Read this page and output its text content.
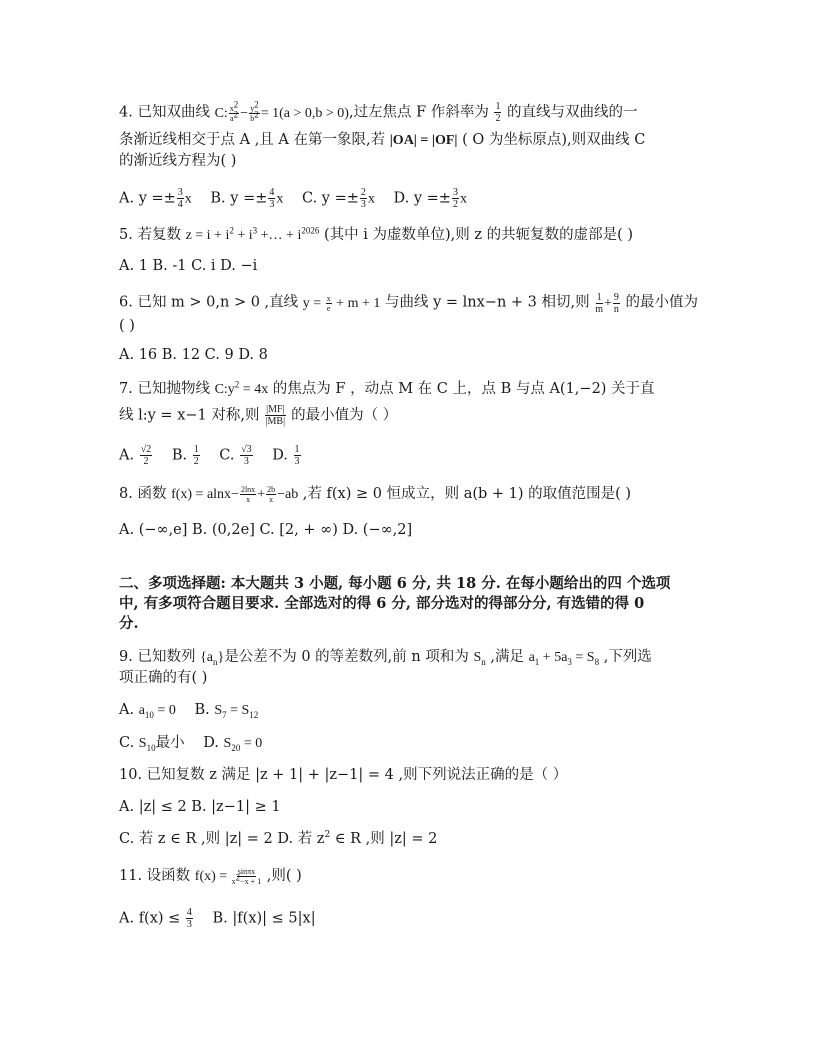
4. 已知双曲线 C: $\frac{x^2}{a^2} - \frac{y^2}{b^2} = 1(a > 0,b > 0)$,过左焦点 F 作斜率为 $\frac{1}{2}$ 的直线与双曲线的一
条渐近线相交于点 A ,且 A 在第一象限,若 |OA| = |OF| ( O 为坐标原点),则双曲线 C
的渐近线方程为( )
A. $y =\pm \frac{3}{4}$ x B. $y =\pm \frac{4}{3}$ x C. $y =\pm \frac{2}{3}$ x D. $y =\pm \frac{3}{2}$ x
5. 若复数 $z = i + i^2 + i^3$ +… + $i^{2026}$ (其中 i 为虚数单位),则 z 的共轭复数的虚部是( )
A. 1 B. -1 C. i D. −i
6. 已知 m > 0,n > 0 ,直线 $y = \frac{x}{e} + m + 1$ 与曲线 y = lnx−n + 3 相切,则 $\frac{1}{m} + \frac{9}{n}$ 的最小值为
( )
A. 16 B. 12 C. 9 D. 8
7. 已知抛物线 $C:y^2 = 4x$ 的焦点为 F ，动点 M 在 C 上，点 B 与点 A(1,−2) 关于直
线 l:y = x−1 对称,则 $\frac{|MF|}{|MB|}$ 的最小值为（ ）
A. $\frac{√2}{2} B$. $\frac{1}{2} C$. $\frac{√3}{3} D$. $\frac{1}{3}$
8. 函数 $f(x) = alnx- \frac{2\ln x}{x} + \frac{2b}{x} -ab$ ,若 f(x) ≥ 0 恒成立，则 a(b + 1) 的取值范围是( )
A. (−∞,e] B. (0,2e] C. [2, + ∞) D. (−∞,2]
二、多项选择题: 本大题共 3 小题, 每小题 6 分, 共 18 分. 在每小题给出的四 个选项
中, 有多项符合题目要求. 全部选对的得 6 分, 部分选对的得部分分, 有选错的得 0
分.
9. 已知数列 $\{a_n\}$是公差不为 0 的等差数列,前 n 项和为 $S_n$ ,满足 $a_1 + 5a_3 = S_8$ ,下列选
项正确的有( )
A. $a_{10} = 0$ B. $S_7 = S_{12}$
C. $S_{10}$最小 D. $S_{20} = 0$
10. 已知复数 z 满足 |z + 1| + |z−1| = 4 ,则下列说法正确的是（ ）
A. |z| ≤ 2 B. |z−1| ≥ 1
C. 若 z ∈ R ,则 |z| = 2 D. 若 $z^2$ ∈ R ,则 |z| = 2
11. 设函数 $f(x) = \frac{\sin\pi x}{x^2-x + 1}$ ,则( )
A. $f(x) \le \frac{4}{3} B$. |f(x)| ≤ 5|x|
